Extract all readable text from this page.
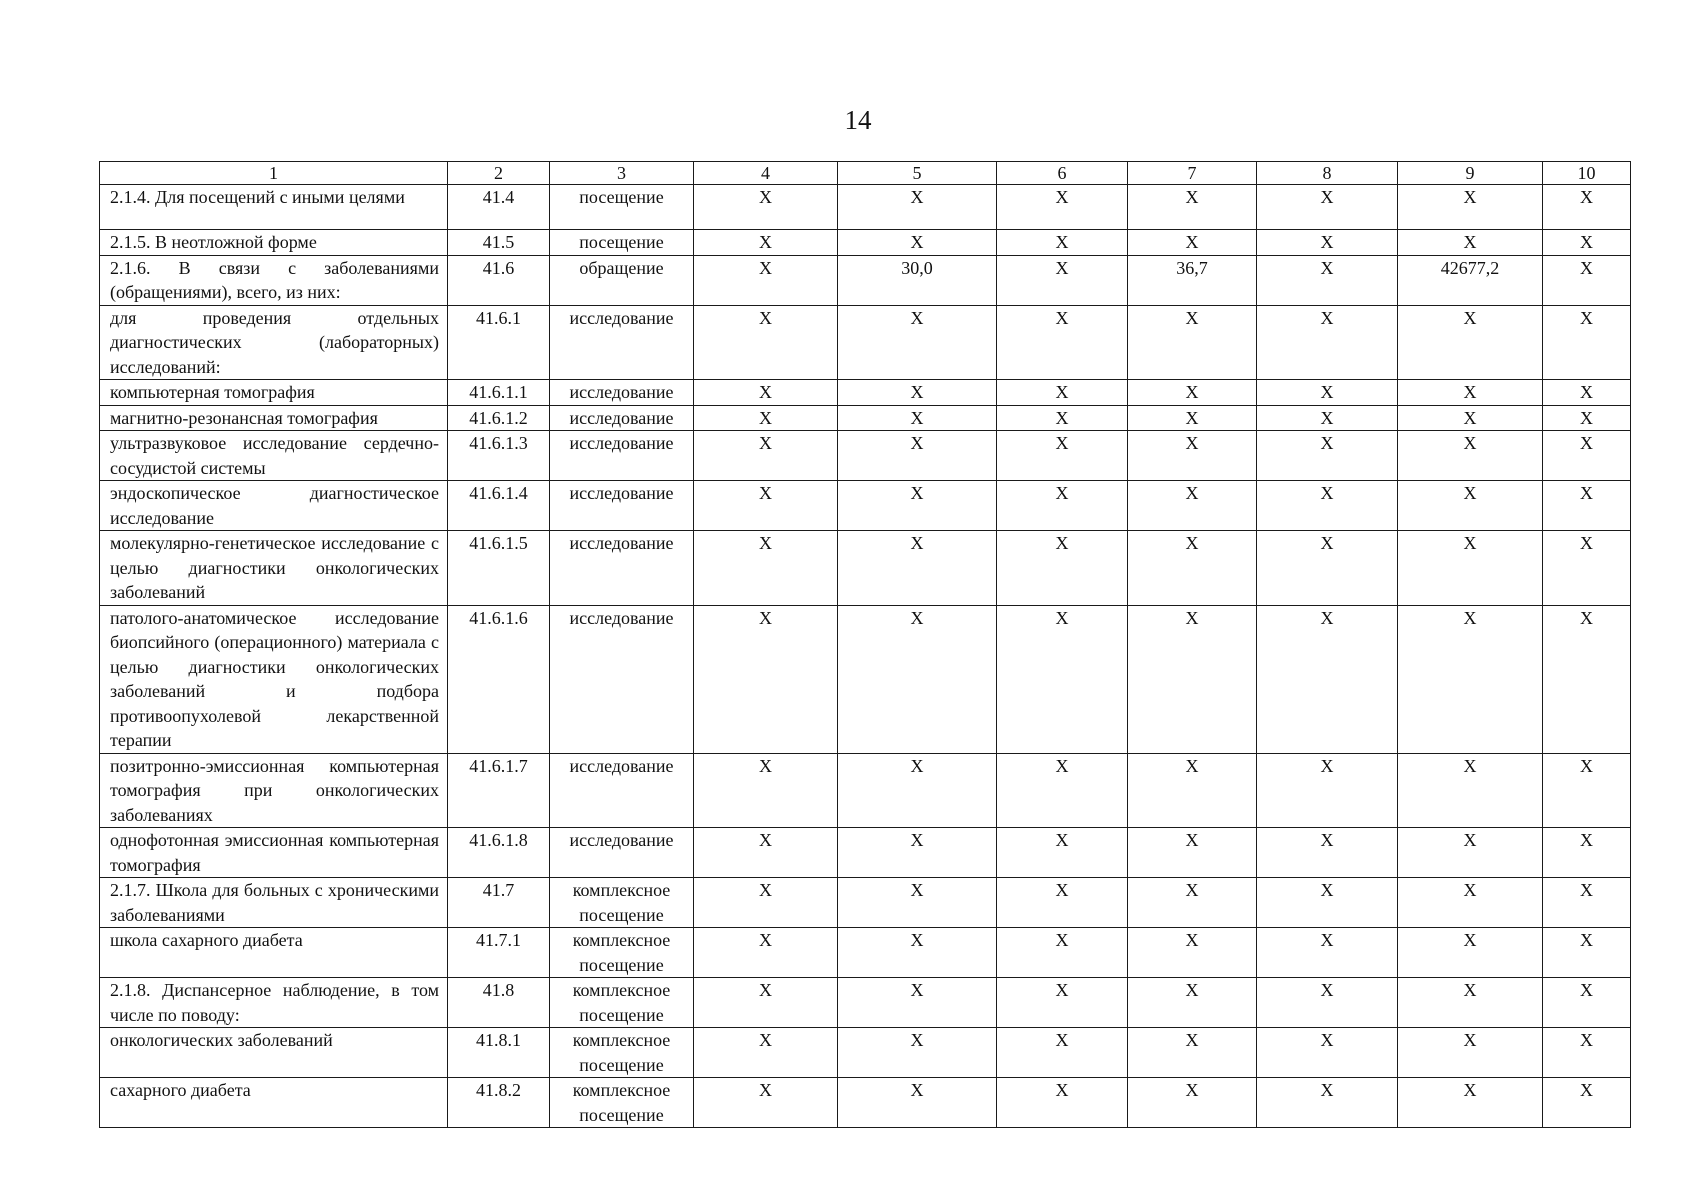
14
1	2	3	4	5	6	7	8	9	10
2.1.4. Для посещений с иными целями	41.4	посещение	X	X	X	X	X	X	X
2.1.5. В неотложной форме	41.5	посещение	X	X	X	X	X	X	X
2.1.6. В связи с заболеваниями (обращениями), всего, из них:	41.6	обращение	X	30,0	X	36,7	X	42677,2	X
для проведения отдельных диагностических (лабораторных) исследований:	41.6.1	исследование	X	X	X	X	X	X	X
компьютерная томография	41.6.1.1	исследование	X	X	X	X	X	X	X
магнитно-резонансная томография	41.6.1.2	исследование	X	X	X	X	X	X	X
ультразвуковое исследование сердечно-сосудистой системы	41.6.1.3	исследование	X	X	X	X	X	X	X
эндоскопическое диагностическое исследование	41.6.1.4	исследование	X	X	X	X	X	X	X
молекулярно-генетическое исследование с целью диагностики онкологических заболеваний	41.6.1.5	исследование	X	X	X	X	X	X	X
патолого-анатомическое исследование биопсийного (операционного) материала с целью диагностики онкологических заболеваний и подбора противоопухолевой лекарственной терапии	41.6.1.6	исследование	X	X	X	X	X	X	X
позитронно-эмиссионная компьютерная томография при онкологических заболеваниях	41.6.1.7	исследование	X	X	X	X	X	X	X
однофотонная эмиссионная компьютерная томография	41.6.1.8	исследование	X	X	X	X	X	X	X
2.1.7. Школа для больных с хроническими заболеваниями	41.7	комплексное посещение	X	X	X	X	X	X	X
школа сахарного диабета	41.7.1	комплексное посещение	X	X	X	X	X	X	X
2.1.8. Диспансерное наблюдение, в том числе по поводу:	41.8	комплексное посещение	X	X	X	X	X	X	X
онкологических заболеваний	41.8.1	комплексное посещение	X	X	X	X	X	X	X
сахарного диабета	41.8.2	комплексное посещение	X	X	X	X	X	X	X
